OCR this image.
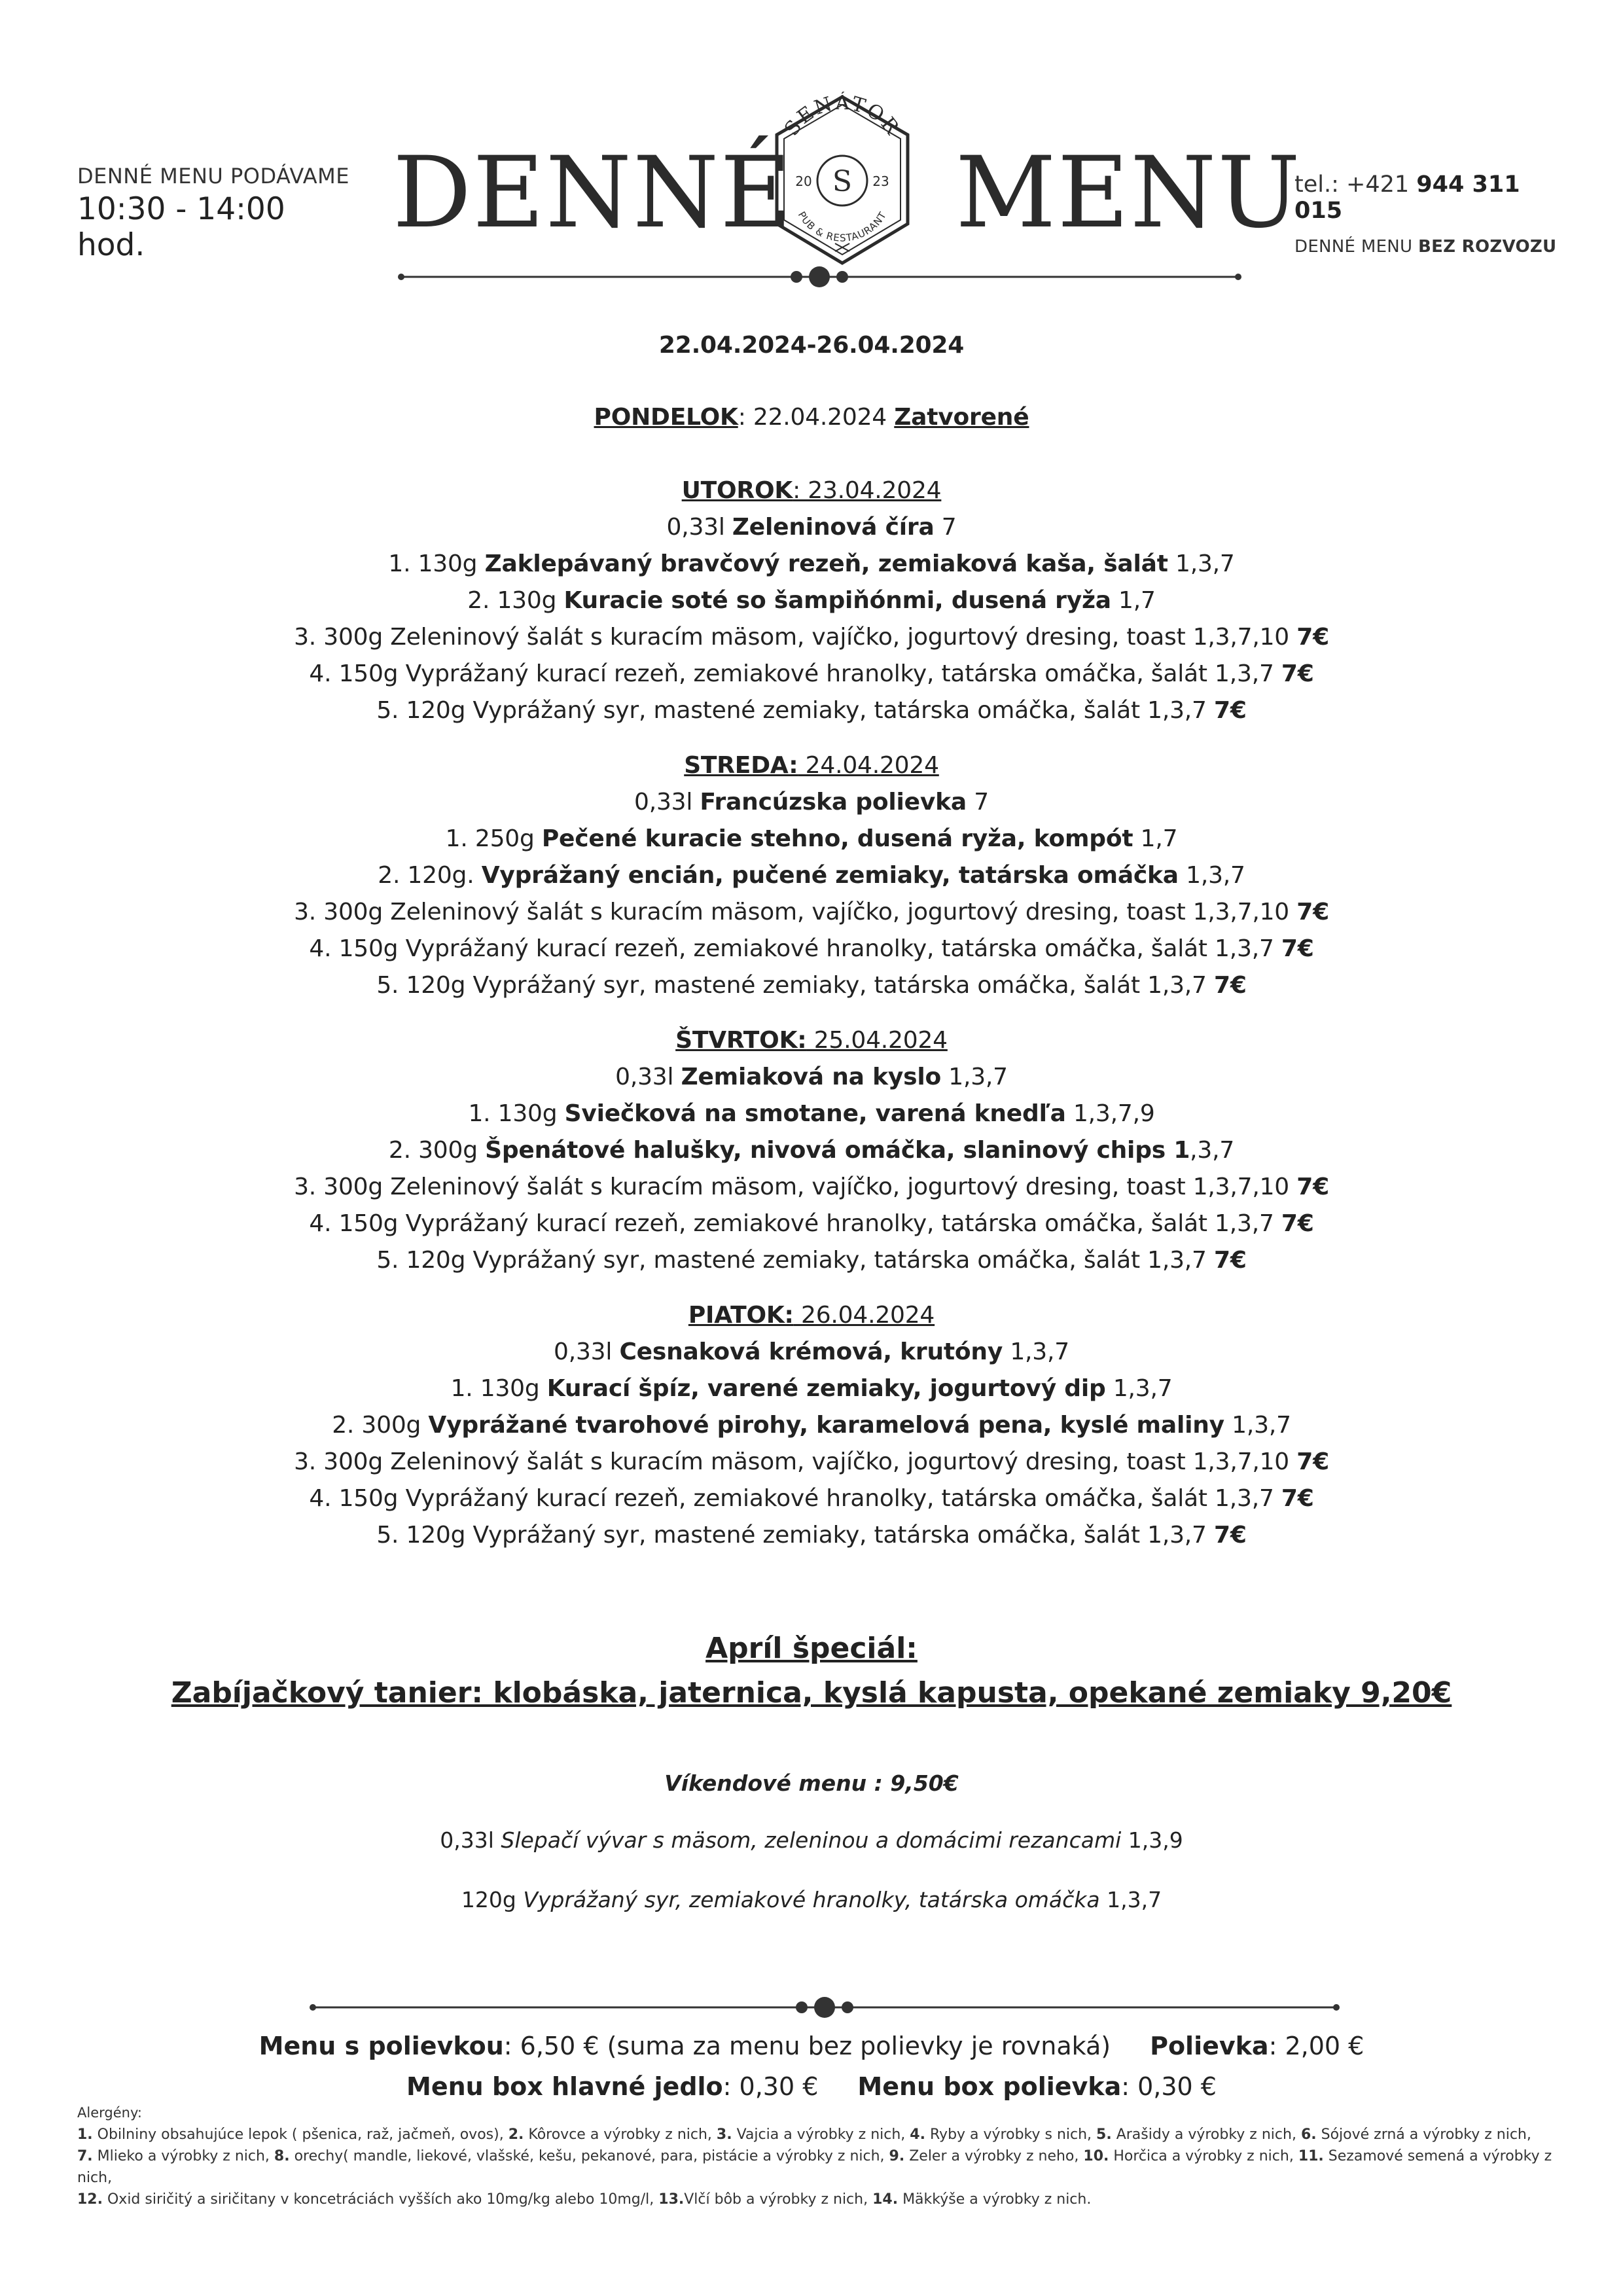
DENNÉ MENU PODÁVAME
10:30 - 14:00 hod.	DENNÉ
SENÁTOR
S
20	23
PUB & RESTAURANT MENU
tel.: +421 944 311 015
DENNÉ MENU BEZ ROZVOZU
22.04.2024-26.04.2024
PONDELOK: 22.04.2024 Zatvorené
UTOROK: 23.04.2024
0,33l Zeleninová číra 7
1. 130g Zaklepávaný bravčový rezeň, zemiaková kaša, šalát 1,3,7
2. 130g Kuracie soté so šampiňónmi, dusená ryža 1,7
3. 300g Zeleninový šalát s kuracím mäsom, vajíčko, jogurtový dresing, toast 1,3,7,10 7€
4. 150g Vyprážaný kurací rezeň, zemiakové hranolky, tatárska omáčka, šalát 1,3,7 7€
5. 120g Vyprážaný syr, mastené zemiaky, tatárska omáčka, šalát 1,3,7 7€
STREDA: 24.04.2024
0,33l Francúzska polievka 7
1. 250g Pečené kuracie stehno, dusená ryža, kompót 1,7
2. 120g. Vyprážaný encián, pučené zemiaky, tatárska omáčka 1,3,7
3. 300g Zeleninový šalát s kuracím mäsom, vajíčko, jogurtový dresing, toast 1,3,7,10 7€
4. 150g Vyprážaný kurací rezeň, zemiakové hranolky, tatárska omáčka, šalát 1,3,7 7€
5. 120g Vyprážaný syr, mastené zemiaky, tatárska omáčka, šalát 1,3,7 7€
ŠTVRTOK: 25.04.2024
0,33l Zemiaková na kyslo 1,3,7
1. 130g Sviečková na smotane, varená knedľa 1,3,7,9
2. 300g Špenátové halušky, nivová omáčka, slaninový chips 1,3,7
3. 300g Zeleninový šalát s kuracím mäsom, vajíčko, jogurtový dresing, toast 1,3,7,10 7€
4. 150g Vyprážaný kurací rezeň, zemiakové hranolky, tatárska omáčka, šalát 1,3,7 7€
5. 120g Vyprážaný syr, mastené zemiaky, tatárska omáčka, šalát 1,3,7 7€
PIATOK: 26.04.2024
0,33l Cesnaková krémová, krutóny 1,3,7
1. 130g Kurací špíz, varené zemiaky, jogurtový dip 1,3,7
2. 300g Vyprážané tvarohové pirohy, karamelová pena, kyslé maliny 1,3,7
3. 300g Zeleninový šalát s kuracím mäsom, vajíčko, jogurtový dresing, toast 1,3,7,10 7€
4. 150g Vyprážaný kurací rezeň, zemiakové hranolky, tatárska omáčka, šalát 1,3,7 7€
5. 120g Vyprážaný syr, mastené zemiaky, tatárska omáčka, šalát 1,3,7 7€
Apríl špeciál:
Zabíjačkový tanier: klobáska, jaternica, kyslá kapusta, opekané zemiaky 9,20€
Víkendové menu : 9,50€
0,33l Slepačí vývar s mäsom, zeleninou a domácimi rezancami 1,3,9
120g Vyprážaný syr, zemiakové hranolky, tatárska omáčka 1,3,7
Menu s polievkou: 6,50 € (suma za menu bez polievky je rovnaká) Polievka: 2,00 €
Menu box hlavné jedlo: 0,30 € Menu box polievka: 0,30 €
Alergény:
1. Obilniny obsahujúce lepok ( pšenica, raž, jačmeň, ovos), 2. Kôrovce a výrobky z nich, 3. Vajcia a výrobky z nich, 4. Ryby a výrobky s nich, 5. Arašidy a výrobky z nich, 6. Sójové zrná a výrobky z nich,
7. Mlieko a výrobky z nich, 8. orechy( mandle, liekové, vlašské, kešu, pekanové, para, pistácie a výrobky z nich, 9. Zeler a výrobky z neho, 10. Horčica a výrobky z nich, 11. Sezamové semená a výrobky z nich,
12. Oxid siričitý a siričitany v koncetráciách vyšších ako 10mg/kg alebo 10mg/l, 13.Vlčí bôb a výrobky z nich, 14. Mäkkýše a výrobky z nich.
